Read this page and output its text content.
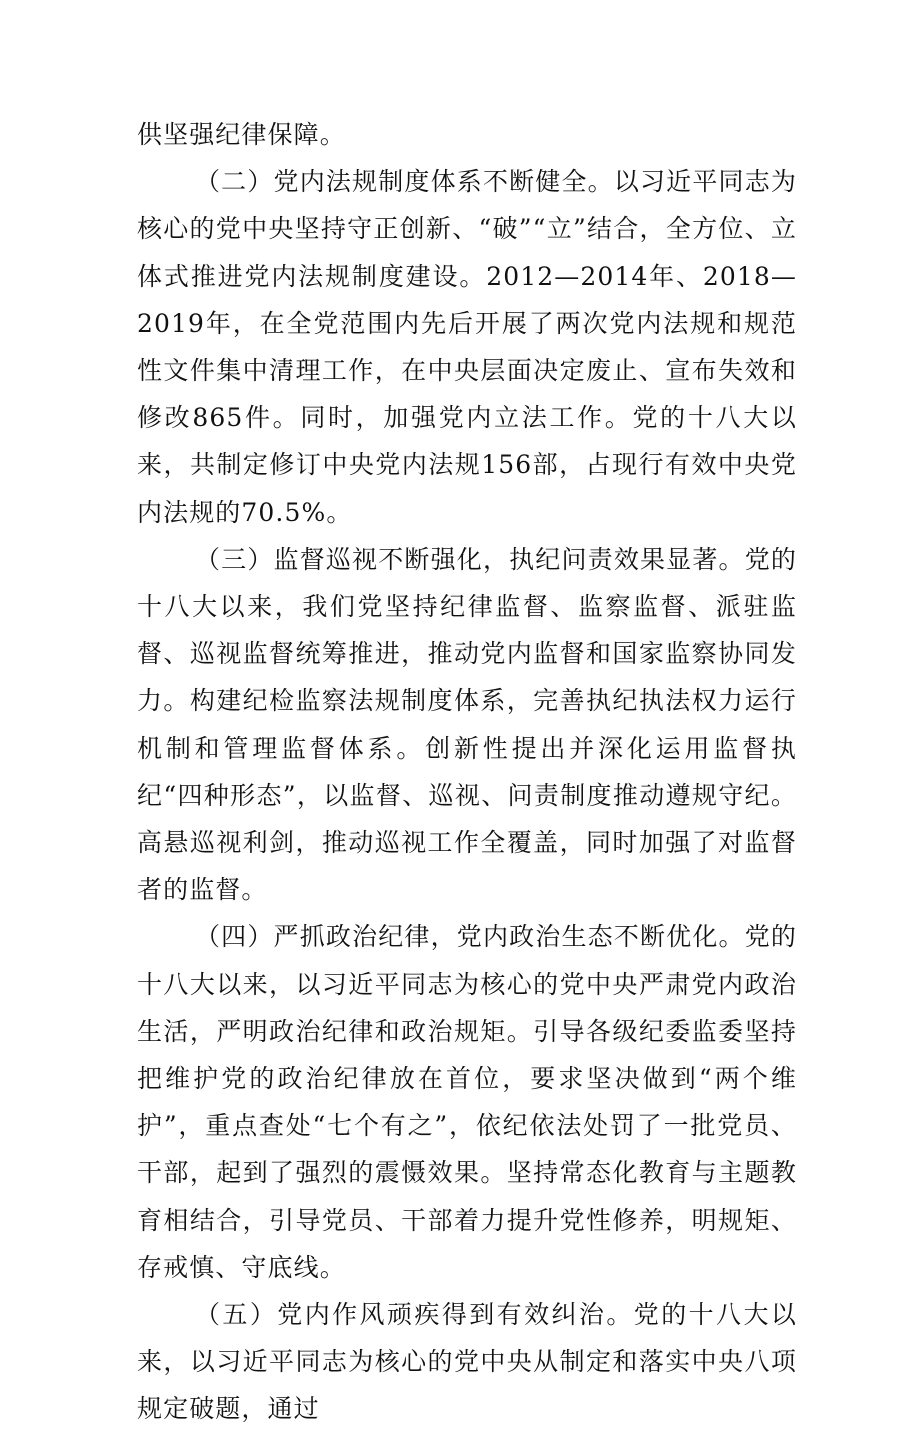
供坚强纪律保障。

（二）党内法规制度体系不断健全。以习近平同志为核心的党中央坚持守正创新、“破”“立”结合，全方位、立体式推进党内法规制度建设。2012—2014年、2018—2019年，在全党范围内先后开展了两次党内法规和规范性文件集中清理工作，在中央层面决定废止、宣布失效和修改865件。同时，加强党内立法工作。党的十八大以来，共制定修订中央党内法规156部，占现行有效中央党内法规的70.5%。

（三）监督巡视不断强化，执纪问责效果显著。党的十八大以来，我们党坚持纪律监督、监察监督、派驻监督、巡视监督统筹推进，推动党内监督和国家监察协同发力。构建纪检监察法规制度体系，完善执纪执法权力运行机制和管理监督体系。创新性提出并深化运用监督执纪“四种形态”，以监督、巡视、问责制度推动遵规守纪。高悬巡视利剑，推动巡视工作全覆盖，同时加强了对监督者的监督。

（四）严抓政治纪律，党内政治生态不断优化。党的十八大以来，以习近平同志为核心的党中央严肃党内政治生活，严明政治纪律和政治规矩。引导各级纪委监委坚持把维护党的政治纪律放在首位，要求坚决做到“两个维护”，重点查处“七个有之”，依纪依法处罚了一批党员、干部，起到了强烈的震慑效果。坚持常态化教育与主题教育相结合，引导党员、干部着力提升党性修养，明规矩、存戒慎、守底线。

（五）党内作风顽疾得到有效纠治。党的十八大以来，以习近平同志为核心的党中央从制定和落实中央八项规定破题，通过
